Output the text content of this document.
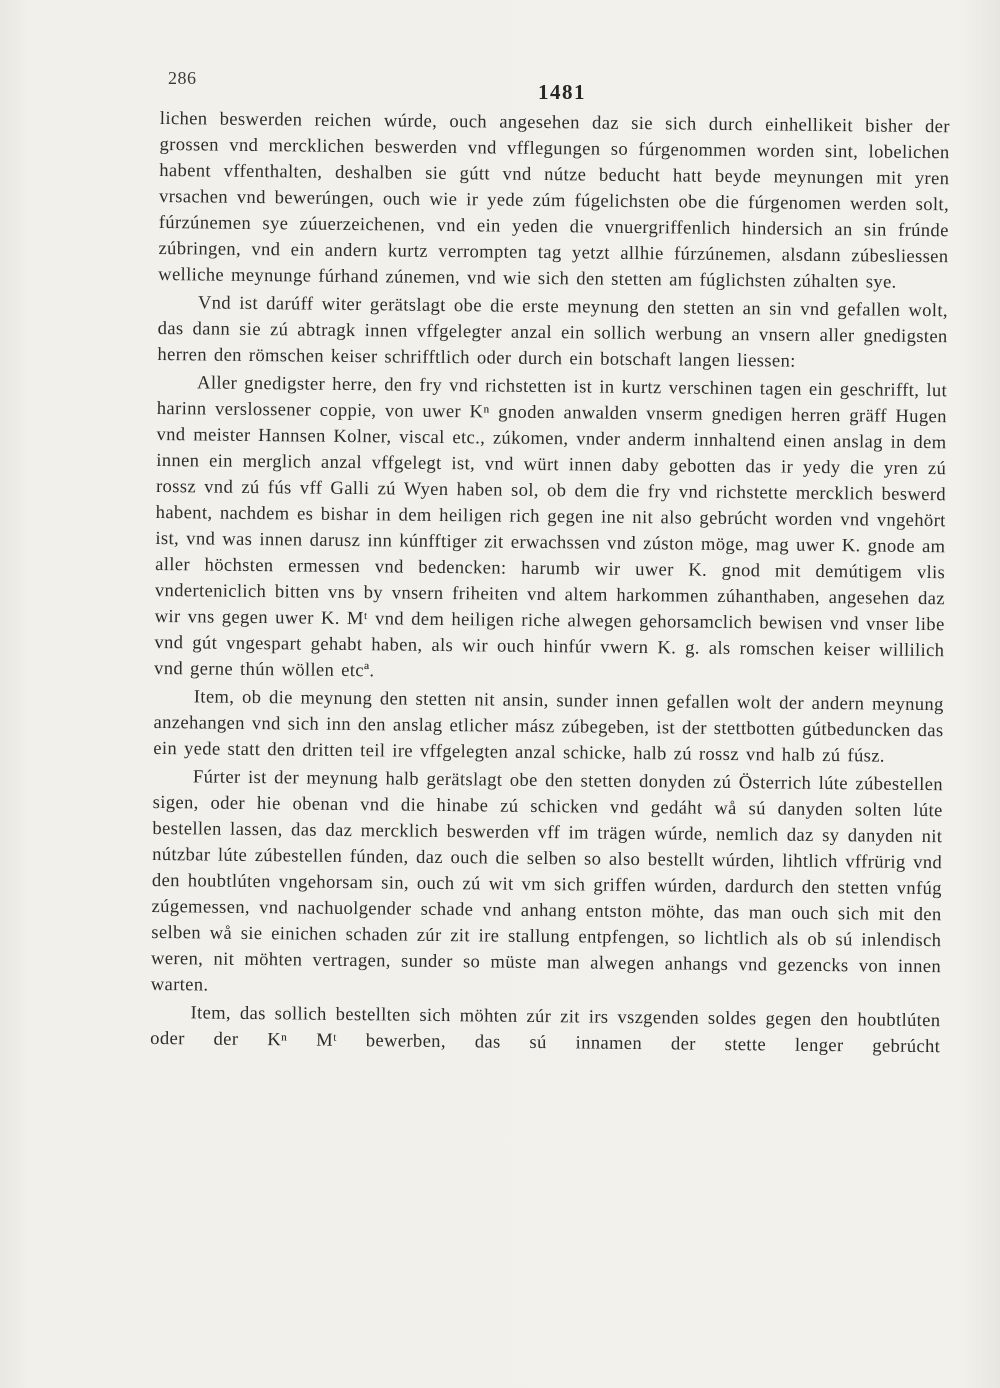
286
1481

lichen beswerden reichen wúrde, ouch angesehen daz sie sich durch einhellikeit bisher der grossen vnd mercklichen beswerden vnd vfflegungen so fúrgenommen worden sint, lobelichen habent vffenthalten, deshalben sie gútt vnd nútze beducht hatt beyde meynungen mit yren vrsachen vnd bewerúngen, ouch wie ir yede zúm fúgelichsten obe die fúrgenomen werden solt, fúrzúnemen sye zúuerzeichenen, vnd ein yeden die vnuergriffenlich hindersich an sin frúnde zúbringen, vnd ein andern kurtz verrompten tag yetzt allhie fúrzúnemen, alsdann zúbesliessen welliche meynunge fúrhand zúnemen, vnd wie sich den stetten am fúglichsten zúhalten sye.

Vnd ist darúff witer gerätslagt obe die erste meynung den stetten an sin vnd gefallen wolt, das dann sie zú abtragk innen vffgelegter anzal ein sollich werbung an vnsern aller gnedigsten herren den römschen keiser schrifftlich oder durch ein botschaft langen liessen:

Aller gnedigster herre, den fry vnd richstetten ist in kurtz verschinen tagen ein geschrifft, lut harinn verslossener coppie, von uwer Kⁿ gnoden anwalden vnserm gnedigen herren gräff Hugen vnd meister Hannsen Kolner, viscal etc., zúkomen, vnder anderm innhaltend einen anslag in dem innen ein merglich anzal vffgelegt ist, vnd würt innen daby gebotten das ir yedy die yren zú rossz vnd zú fús vff Galli zú Wyen haben sol, ob dem die fry vnd richstette mercklich beswerd habent, nachdem es bishar in dem heiligen rich gegen ine nit also gebrúcht worden vnd vngehört ist, vnd was innen darusz inn kúnfftiger zit erwachssen vnd zúston möge, mag uwer K. gnode am aller höchsten ermessen vnd bedencken: harumb wir uwer K. gnod mit demútigem vlis vnderteniclich bitten vns by vnsern friheiten vnd altem harkommen zúhanthaben, angesehen daz wir vns gegen uwer K. Mᵗ vnd dem heiligen riche alwegen gehorsamclich bewisen vnd vnser libe vnd gút vngespart gehabt haben, als wir ouch hinfúr vwern K. g. als romschen keiser willilich vnd gerne thún wöllen etcª.

Item, ob die meynung den stetten nit ansin, sunder innen gefallen wolt der andern meynung anzehangen vnd sich inn den anslag etlicher mász zúbegeben, ist der stettbotten gútbeduncken das ein yede statt den dritten teil ire vffgelegten anzal schicke, halb zú rossz vnd halb zú fúsz.

Fúrter ist der meynung halb gerätslagt obe den stetten donyden zú Österrich lúte zúbestellen sigen, oder hie obenan vnd die hinabe zú schicken vnd gedáht wå sú danyden solten lúte bestellen lassen, das daz mercklich beswerden vff im trägen wúrde, nemlich daz sy danyden nit nútzbar lúte zúbestellen fúnden, daz ouch die selben so also bestellt wúrden, lihtlich vffrürig vnd den houbtlúten vngehorsam sin, ouch zú wit vm sich griffen wúrden, dardurch den stetten vnfúg zúgemessen, vnd nachuolgender schade vnd anhang entston möhte, das man ouch sich mit den selben wå sie einichen schaden zúr zit ire stallung entpfengen, so lichtlich als ob sú inlendisch weren, nit möhten vertragen, sunder so müste man alwegen anhangs vnd gezencks von innen warten.

Item, das sollich bestellten sich möhten zúr zit irs vszgenden soldes gegen den houbtlúten oder der Kⁿ Mᵗ bewerben, das sú innamen der stette lenger gebrúcht
